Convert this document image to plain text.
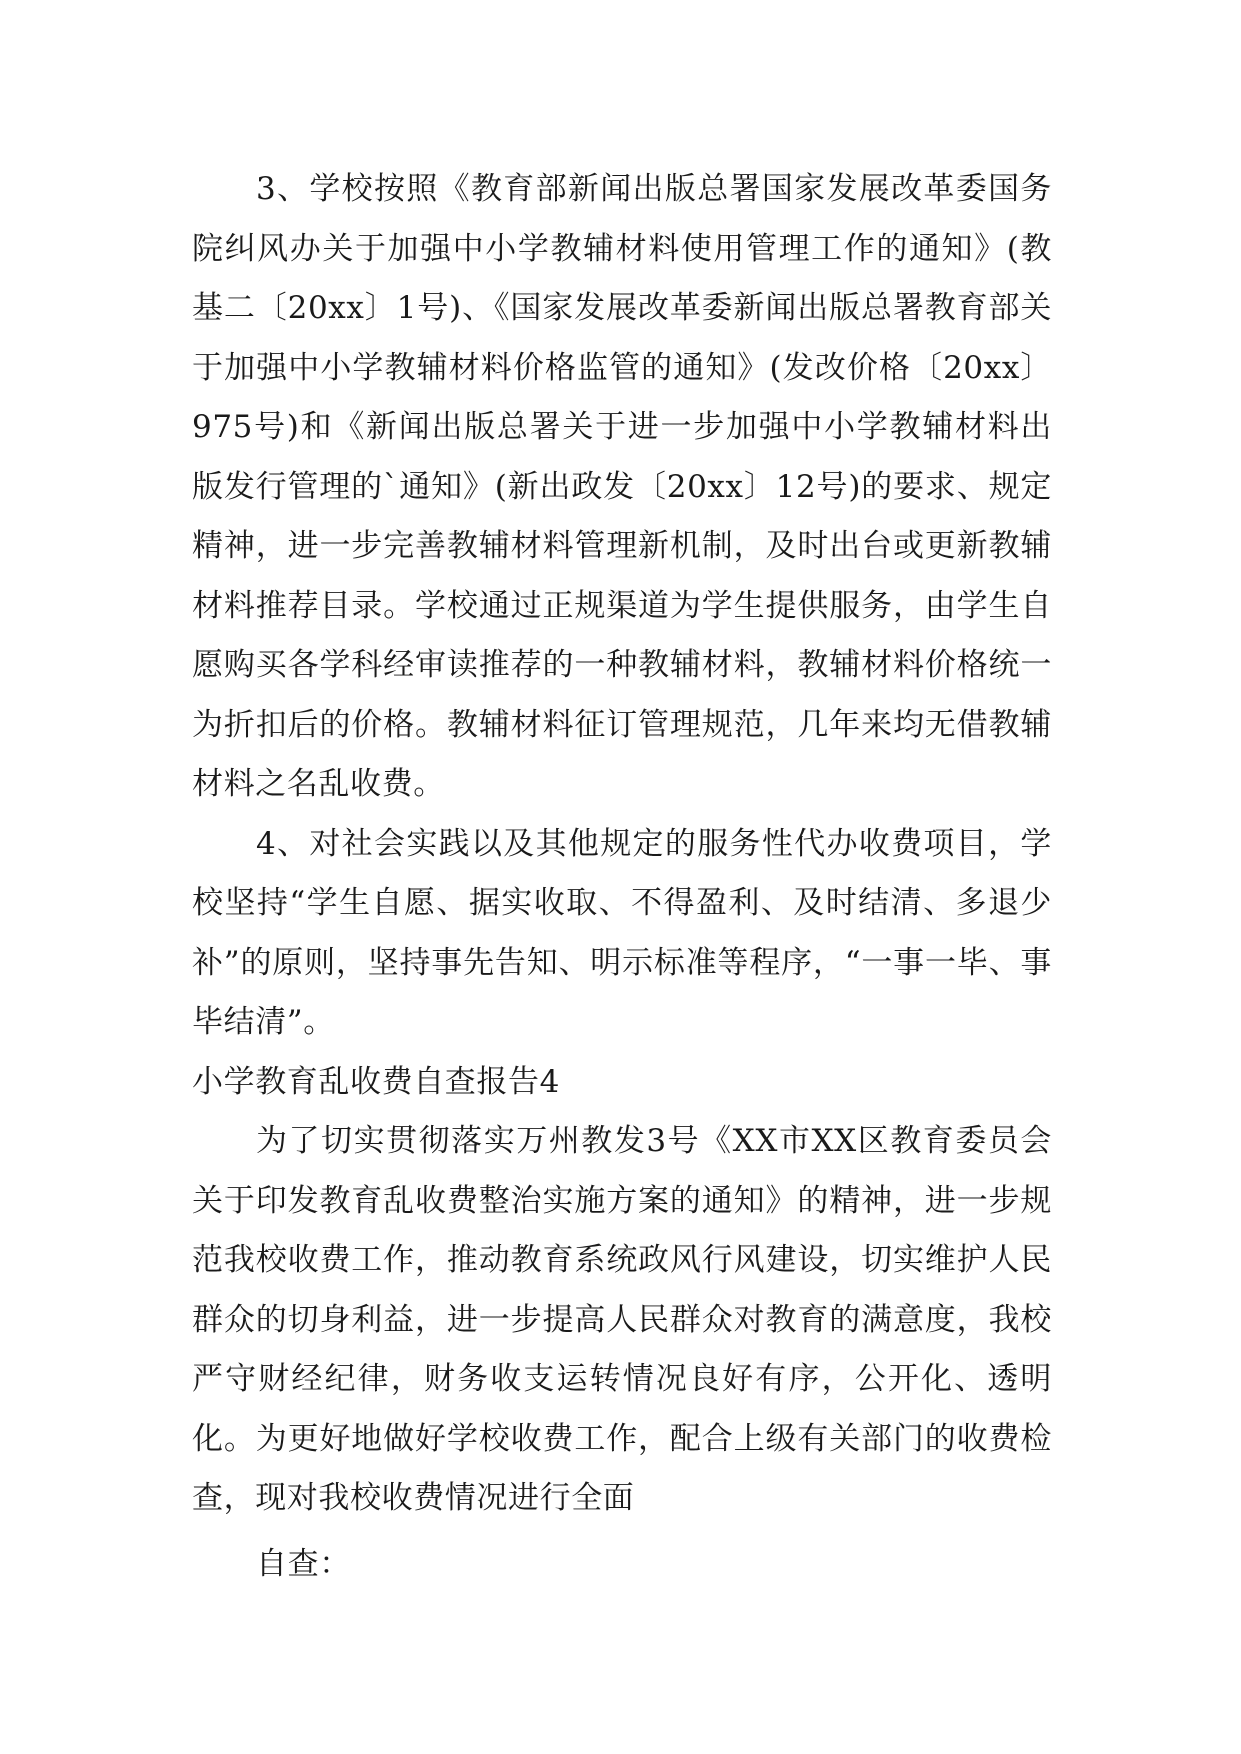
3、学校按照《教育部新闻出版总署国家发展改革委国务院纠风办关于加强中小学教辅材料使用管理工作的通知》(教基二〔20xx〕1号)、《国家发展改革委新闻出版总署教育部关于加强中小学教辅材料价格监管的通知》(发改价格〔20xx〕975号)和《新闻出版总署关于进一步加强中小学教辅材料出版发行管理的`通知》(新出政发〔20xx〕12号)的要求、规定精神，进一步完善教辅材料管理新机制，及时出台或更新教辅材料推荐目录。学校通过正规渠道为学生提供服务，由学生自愿购买各学科经审读推荐的一种教辅材料，教辅材料价格统一为折扣后的价格。教辅材料征订管理规范，几年来均无借教辅材料之名乱收费。

4、对社会实践以及其他规定的服务性代办收费项目，学校坚持“学生自愿、据实收取、不得盈利、及时结清、多退少补”的原则，坚持事先告知、明示标准等程序，“一事一毕、事毕结清”。

小学教育乱收费自查报告4

为了切实贯彻落实万州教发3号《XX市XX区教育委员会关于印发教育乱收费整治实施方案的通知》的精神，进一步规范我校收费工作，推动教育系统政风行风建设，切实维护人民群众的切身利益，进一步提高人民群众对教育的满意度，我校严守财经纪律，财务收支运转情况良好有序，公开化、透明化。为更好地做好学校收费工作，配合上级有关部门的收费检查，现对我校收费情况进行全面

自查：
